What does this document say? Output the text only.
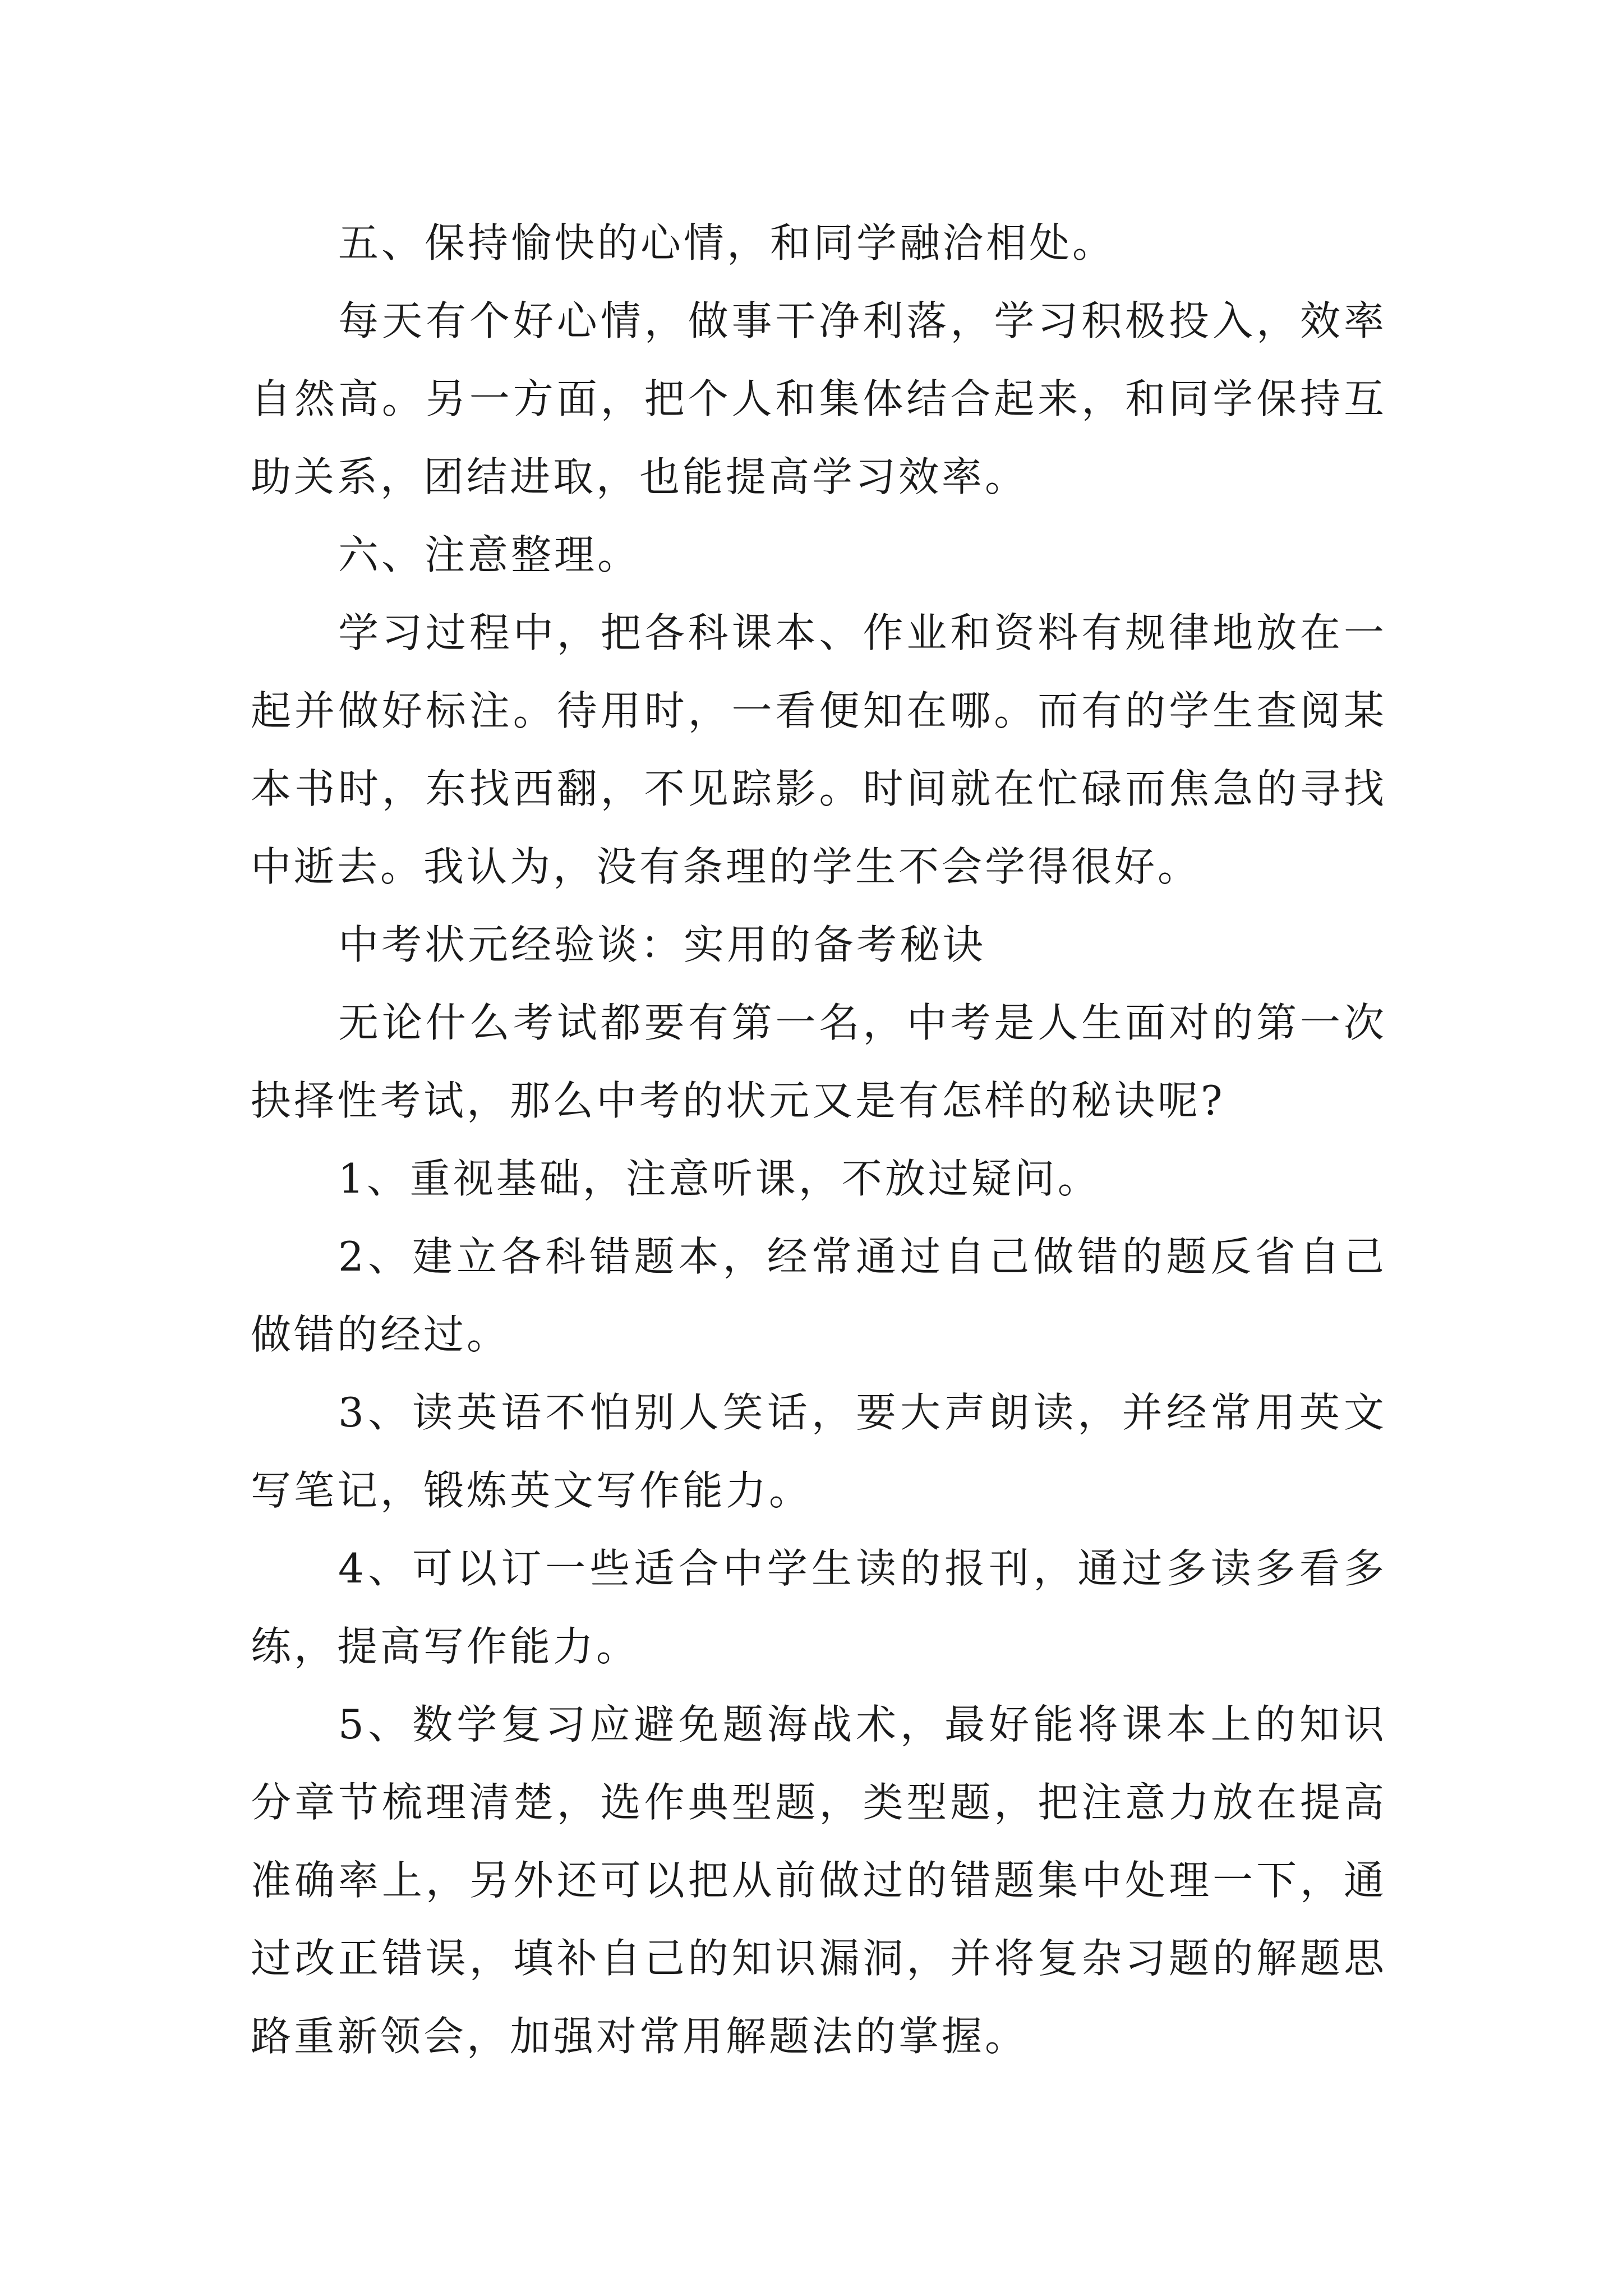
五、保持愉快的心情，和同学融洽相处。
每天有个好心情，做事干净利落，学习积极投入，效率
自然高。另一方面，把个人和集体结合起来，和同学保持互
助关系，团结进取，也能提高学习效率。
六、注意整理。
学习过程中，把各科课本、作业和资料有规律地放在一
起并做好标注。待用时，一看便知在哪。而有的学生查阅某
本书时，东找西翻，不见踪影。时间就在忙碌而焦急的寻找
中逝去。我认为，没有条理的学生不会学得很好。
中考状元经验谈：实用的备考秘诀
无论什么考试都要有第一名，中考是人生面对的第一次
抉择性考试，那么中考的状元又是有怎样的秘诀呢?
1、重视基础，注意听课，不放过疑问。
2、建立各科错题本，经常通过自己做错的题反省自己
做错的经过。
3、读英语不怕别人笑话，要大声朗读，并经常用英文
写笔记，锻炼英文写作能力。
4、可以订一些适合中学生读的报刊，通过多读多看多
练，提高写作能力。
5、数学复习应避免题海战术，最好能将课本上的知识
分章节梳理清楚，选作典型题，类型题，把注意力放在提高
准确率上，另外还可以把从前做过的错题集中处理一下，通
过改正错误，填补自己的知识漏洞，并将复杂习题的解题思
路重新领会，加强对常用解题法的掌握。
